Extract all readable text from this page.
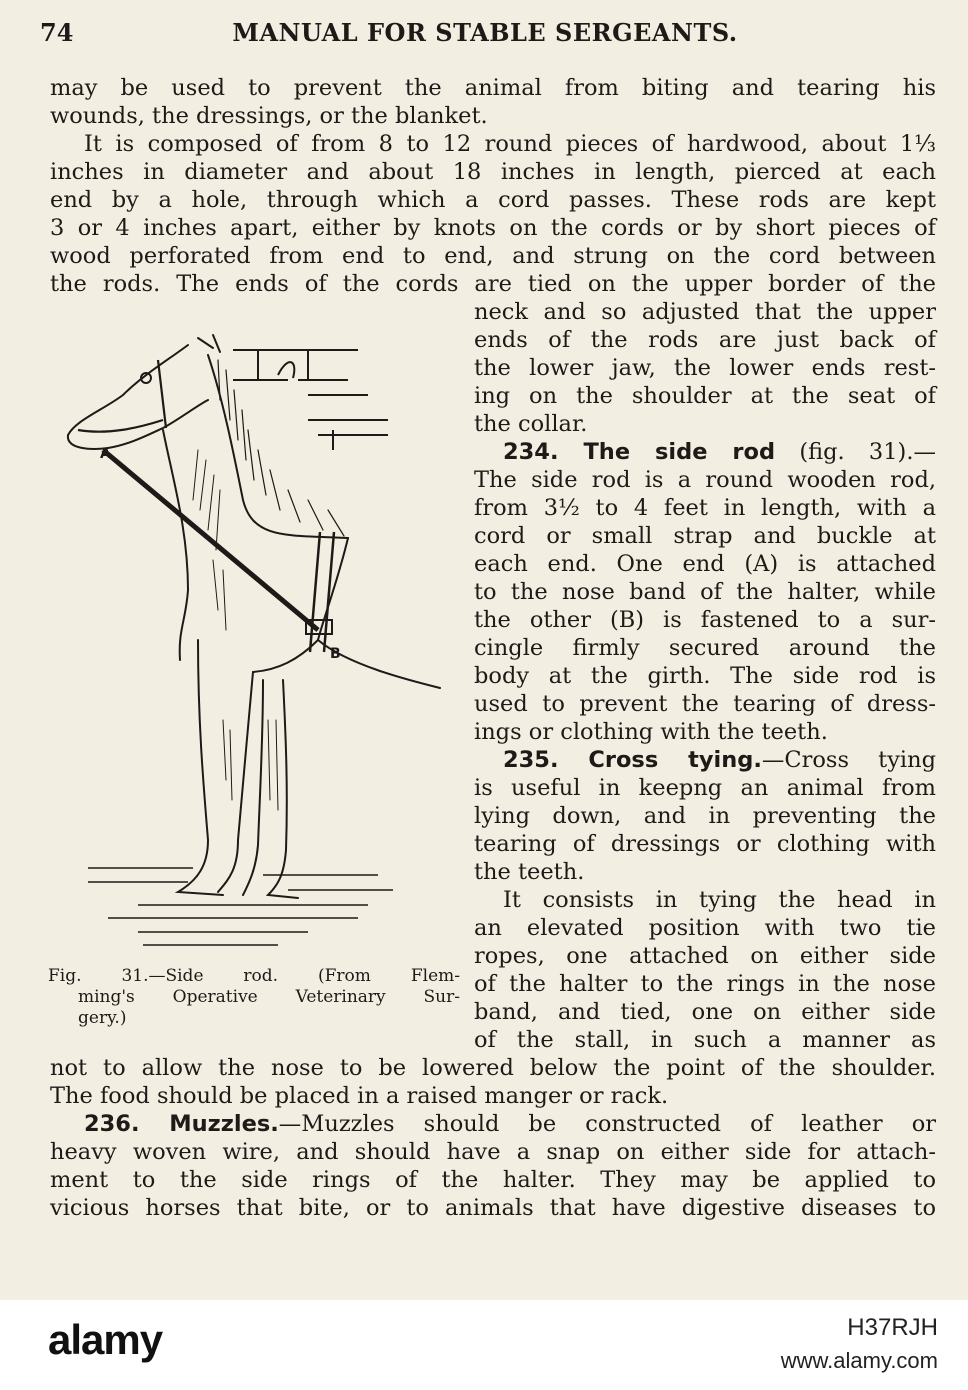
74	MANUAL FOR STABLE SERGEANTS.
may be used to prevent the animal from biting and tearing his
wounds, the dressings, or the blanket.
It is composed of from 8 to 12 round pieces of hardwood, about 1⅓
inches in diameter and about 18 inches in length, pierced at each
end by a hole, through which a cord passes. These rods are kept
3 or 4 inches apart, either by knots on the cords or by short pieces of
wood perforated from end to end, and strung on the cord between
the rods. The ends of the cords are tied on the upper border of the
neck and so adjusted that the upper
ends of the rods are just back of
the lower jaw, the lower ends rest-
ing on the shoulder at the seat of
the collar.
234. The side rod (fig. 31).—
The side rod is a round wooden rod,
from 3½ to 4 feet in length, with a
cord or small strap and buckle at
each end. One end (A) is attached
to the nose band of the halter, while
the other (B) is fastened to a sur-
cingle firmly secured around the
body at the girth. The side rod is
used to prevent the tearing of dress-
ings or clothing with the teeth.
235. Cross tying.—Cross tying
is useful in keepng an animal from
lying down, and in preventing the
tearing of dressings or clothing with
the teeth.
It consists in tying the head in
an elevated position with two tie
ropes, one attached on either side
of the halter to the rings in the nose
band, and tied, one on either side
of the stall, in such a manner as
not to allow the nose to be lowered below the point of the shoulder.
The food should be placed in a raised manger or rack.
236. Muzzles.—Muzzles should be constructed of leather or
heavy woven wire, and should have a snap on either side for attach-
ment to the side rings of the halter. They may be applied to
vicious horses that bite, or to animals that have digestive diseases to
A
B
Fig. 31.—Side rod. (From Flem-
ming's Operative Veterinary Sur-
gery.)
alamy	H37RJH
www.alamy.com
